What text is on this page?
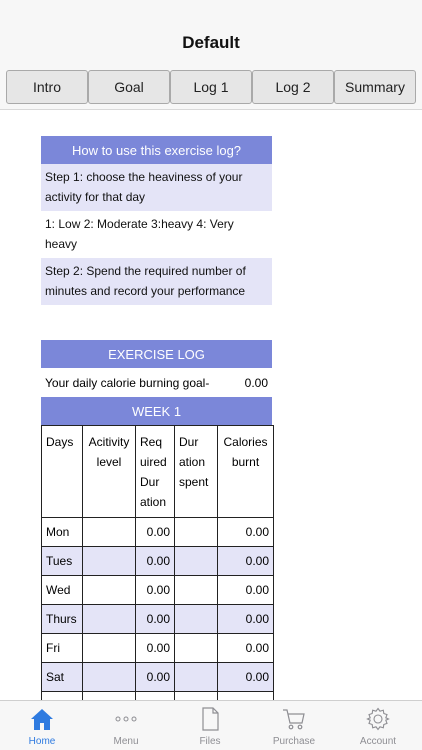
Default
Intro	Goal	Log 1	Log 2	Summary
How to use this exercise log?
Step 1: choose the heaviness of your activity for that day
1: Low 2: Moderate 3:heavy 4: Very heavy
Step 2: Spend the required number of minutes and record your performance
EXERCISE LOG
Your daily calorie burning goal-	0.00
WEEK 1
Days	Acitivity level	Req uired Dur ation	Dur ation spent	Calories burnt
Mon		0.00		0.00
Tues		0.00		0.00
Wed		0.00		0.00
Thurs		0.00		0.00
Fri		0.00		0.00
Sat		0.00		0.00

Home	Menu	Files	Purchase	Account
